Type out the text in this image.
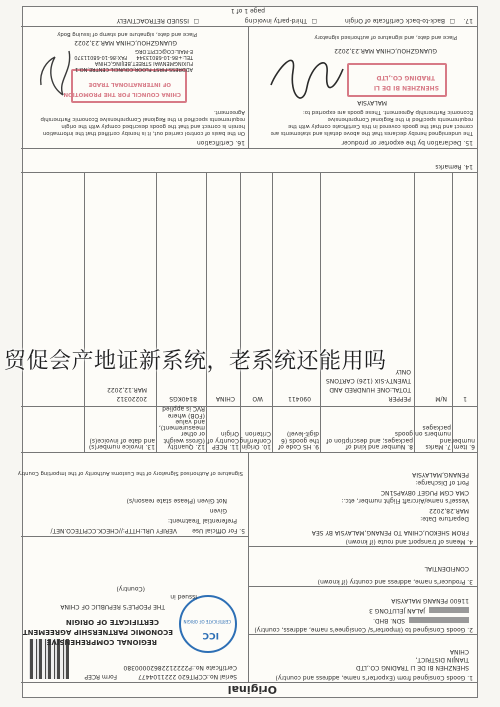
Original
1. Goods Consigned from (Exporter's name, address and country)
SHENZHEN BI DE LI TRADING CO.,LTD
TIANJIN DISTRICT,
CHINA
Serial No.:
CCPIT620 2221104477
Form RCEP
Certificate No.:
P22221228620000380
ICC
CERTIFICATE OF ORIGIN
REGIONAL COMPREHENSIVE
ECONOMIC PARTNERSHIP AGREEMENT
CERTIFICATE OF ORIGIN
THE PEOPLE'S REPUBLIC OF CHINA
Issued in
(Country)
2. Goods Consigned to (Importer's/ Consignee's name, address, country)
SDN. BHD.
JALAN JELUTONG 3
11600 PENANG MALAYSIA
3. Producer's name, address and country (if known)
CONFIDENTIAL
4. Means of transport and route (if known)
FROM SHEKOU,CHINA TO PENANG,MALAYSIA BY SEA
Departure Date:
MAR.28,2022
Vessel's name/Aircraft Flight number, etc.:
CMA CGM PUGET 0BYAPS1NC
Port of Discharge:
PENANG,MALAYSIA
5. For Official Use
VERIFY URL:HTTP://CHECK.CCPITECO.NET/
Preferential Treatment:
Given
Not Given (Please state reason/s)
Signature of Authorised Signatory of the Customs Authority of the Importing Country
6. Item number
7. Marks and numbers on packages
8. Number and kind of packages; and description of goods
9. HS Code of the goods (6 digit-level)
10. Origin Conferring Criterion
11. RCEP Country of Origin
12. Quantity (Gross weight or other measurement), and value (FOB) where RVC is applied
13. Invoice number(s) and date of invoice(s)
1
N/M
PEPPER
TOTAL:ONE HUNDRED AND
TWENTY-SIX (126) CARTONS
ONLY
090411
WO
CHINA
8140KGS
20220312
MAR.12,2022
14. Remarks
15. Declaration by the exporter or producer
The undersigned hereby declares that the above details and statements are
correct and that the goods covered in this Certificate comply with the
requirements specified in the Regional Comprehensive
Economic Partnership Agreement. These goods are exported to:
MALAYSIA
SHENZHEN BI DE LI
TRADING CO.,LTD
GUANGZHOU,CHINA MAR.23,2022
Place and date, and signature of authorised signatory
16. Certification
On the basis of control carried out, it is hereby certified that the information
herein is correct and that the goods described comply with the origin
requirements specified in the Regional Comprehensive Economic Partnership
Agreement.
CHINA COUNCIL FOR THE PROMOTION
OF INTERNATIONAL TRADE
ADDRESS:FIRST FLOOR,COUNCIL CENTRE,NO.1
FUXINGMENWAI STREET,BEIJING,CHINA
TEL:+86-10-68013344
FAX:86-10-68011370
E-MAIL:CO@CCPIT.ORG
GUANGZHOU,CHINA MAR.23,2022
Place and date, signature and stamp of Issuing Body
17.
☐
Back-to-back Certificate of Origin
☐
Third-party invoicing
☐
ISSUED RETROACTIVELY
page 1 of 1
贸促会产地证新系统，老系统还能用吗
